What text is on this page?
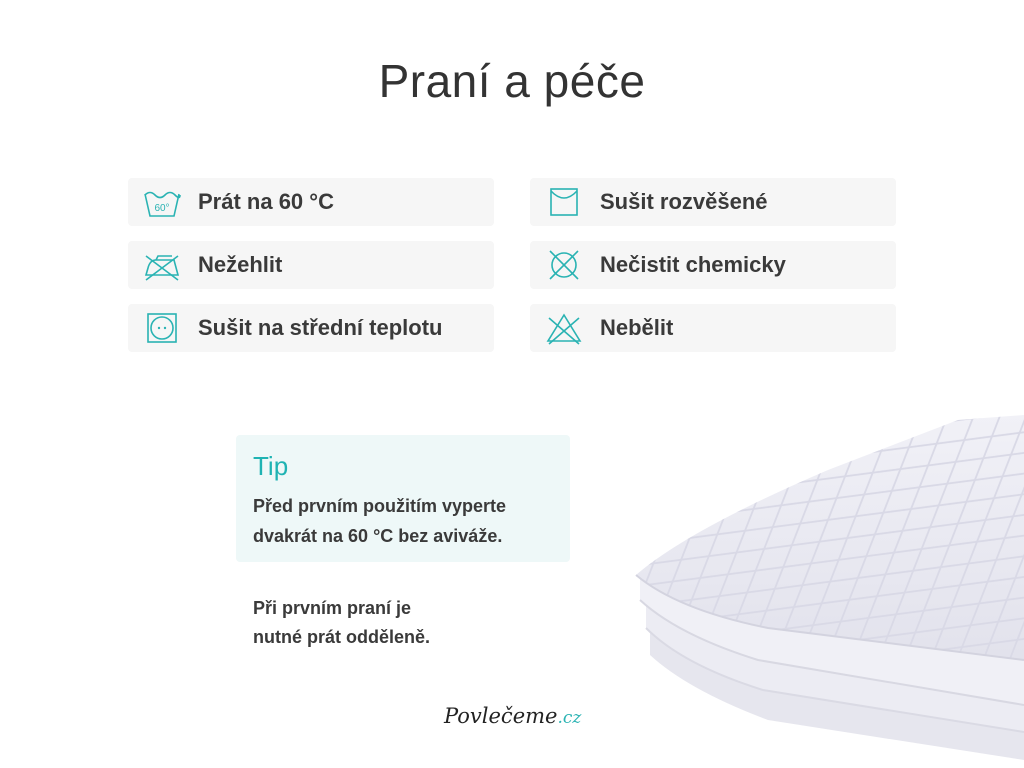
Praní a péče
60° Prát na 60 °C	Sušit rozvěšené
Nežehlit	Nečistit chemicky
Sušit na střední teplotu	Nebělit
Tip
Před prvním použitím vyperte
dvakrát na 60 °C bez aviváže.
Při prvním praní je
nutné prát odděleně.
Povlečeme.cz
